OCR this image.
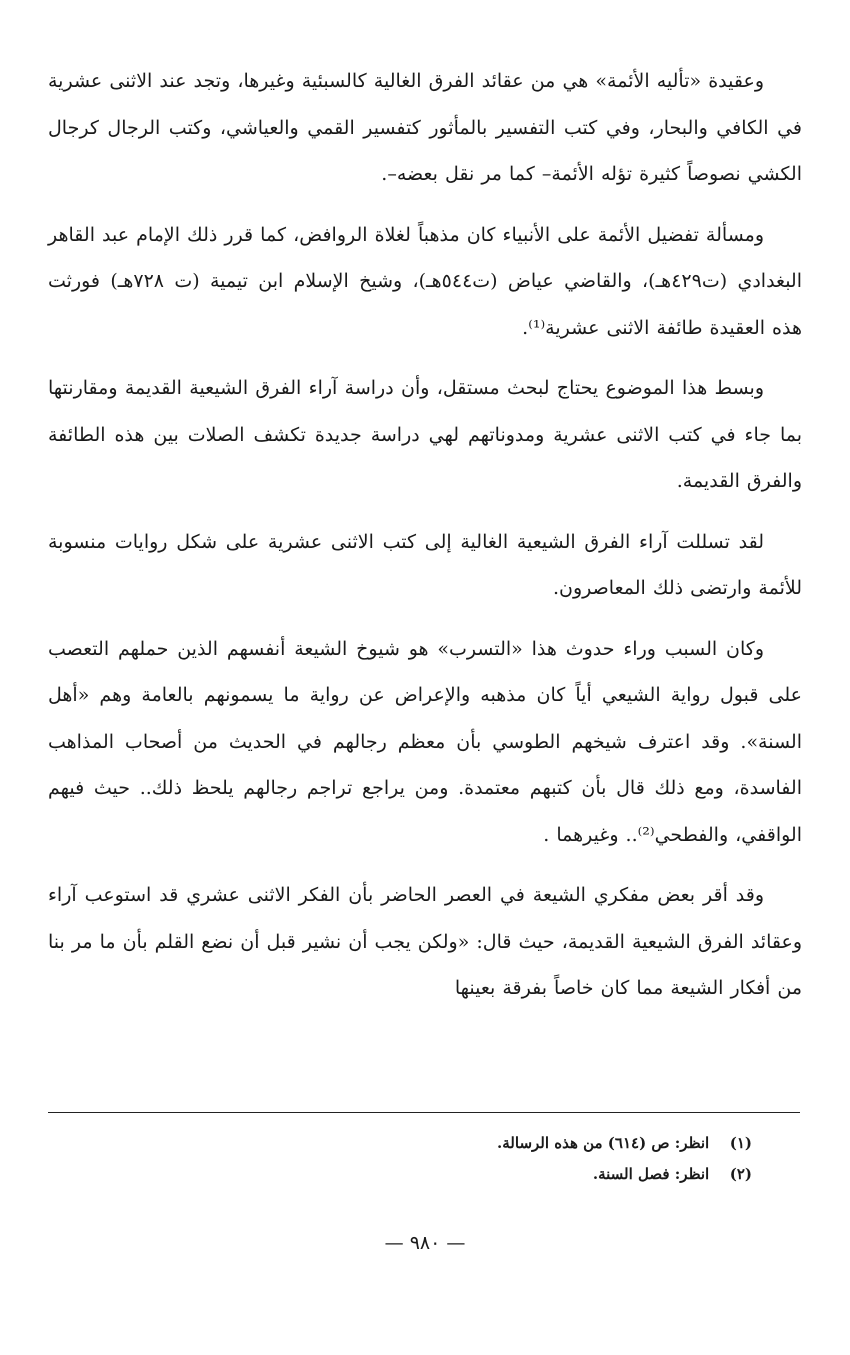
وعقيدة «تأليه الأئمة» هي من عقائد الفرق الغالية كالسبئية وغيرها، وتجد عند الاثنى عشرية في الكافي والبحار، وفي كتب التفسير بالمأثور كتفسير القمي والعياشي، وكتب الرجال كرجال الكشي نصوصاً كثيرة تؤله الأئمة– كما مر نقل بعضه–.

ومسألة تفضيل الأئمة على الأنبياء كان مذهباً لغلاة الروافض، كما قرر ذلك الإمام عبد القاهر البغدادي (ت٤٢٩هـ)، والقاضي عياض (ت٥٤٤هـ)، وشيخ الإسلام ابن تيمية (ت ٧٢٨هـ) فورثت هذه العقيدة طائفة الاثنى عشرية⁽¹⁾.

وبسط هذا الموضوع يحتاج لبحث مستقل، وأن دراسة آراء الفرق الشيعية القديمة ومقارنتها بما جاء في كتب الاثنى عشرية ومدوناتهم لهي دراسة جديدة تكشف الصلات بين هذه الطائفة والفرق القديمة.

لقد تسللت آراء الفرق الشيعية الغالية إلى كتب الاثنى عشرية على شكل روايات منسوبة للأئمة وارتضى ذلك المعاصرون.

وكان السبب وراء حدوث هذا «التسرب» هو شيوخ الشيعة أنفسهم الذين حملهم التعصب على قبول رواية الشيعي أياً كان مذهبه والإعراض عن رواية ما يسمونهم بالعامة وهم «أهل السنة». وقد اعترف شيخهم الطوسي بأن معظم رجالهم في الحديث من أصحاب المذاهب الفاسدة، ومع ذلك قال بأن كتبهم معتمدة. ومن يراجع تراجم رجالهم يلحظ ذلك.. حيث فيهم الواقفي، والفطحي⁽²⁾.. وغيرهما .

وقد أقر بعض مفكري الشيعة في العصر الحاضر بأن الفكر الاثنى عشري قد استوعب آراء وعقائد الفرق الشيعية القديمة، حيث قال: «ولكن يجب أن نشير قبل أن نضع القلم بأن ما مر بنا من أفكار الشيعة مما كان خاصاً بفرقة بعينها

(١) انظر: ص (٦١٤) من هذه الرسالة.
(٢) انظر: فصل السنة.
— ٩٨٠ —
